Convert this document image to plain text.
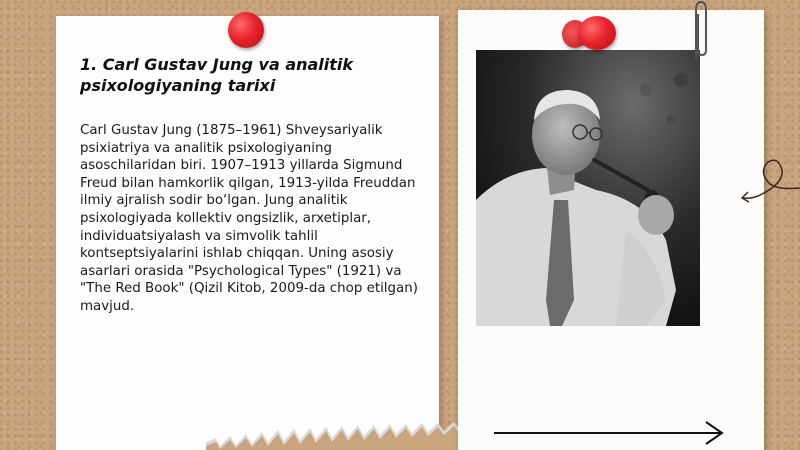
1. Carl Gustav Jung va analitik psixologiyaning tarixi

Carl Gustav Jung (1875–1961) Shveysariyalik psixiatriya va analitik psixologiyaning asoschilaridan biri. 1907–1913 yillarda Sigmund Freud bilan hamkorlik qilgan, 1913-yilda Freuddan ilmiy ajralish sodir bo‘lgan. Jung analitik psixologiyada kollektiv ongsizlik, arxetiplar, individuatsiyalash va simvolik tahlil kontseptsiyalarini ishlab chiqqan. Uning asosiy asarlari orasida "Psychological Types" (1921) va "The Red Book" (Qizil Kitob, 2009-da chop etilgan) mavjud.
